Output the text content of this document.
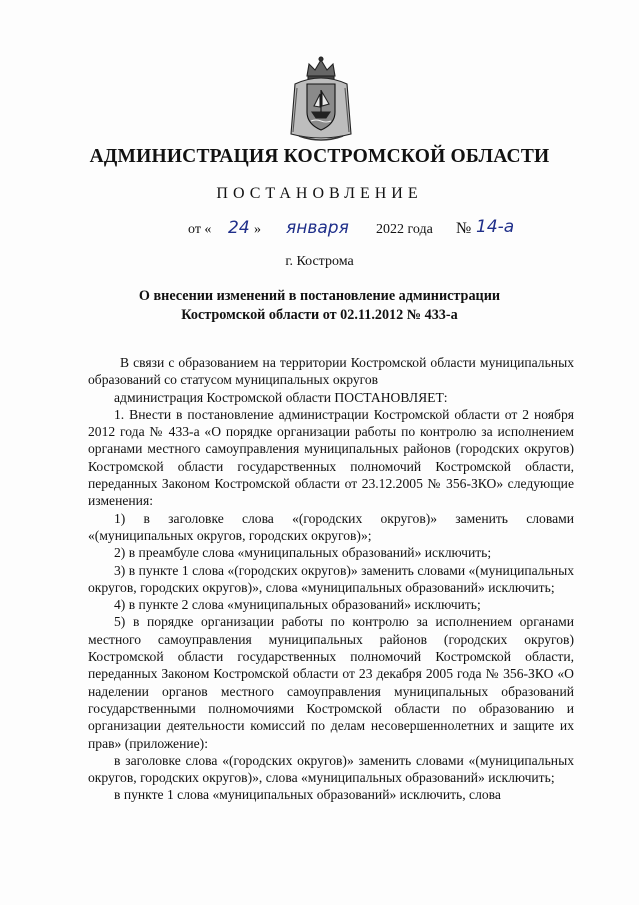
АДМИНИСТРАЦИЯ КОСТРОМСКОЙ ОБЛАСТИ
ПОСТАНОВЛЕНИЕ
от « 24 » января 2022 года № 14-а
г. Кострома
О внесении изменений в постановление администрации
Костромской области от 02.11.2012 № 433-а

В связи с образованием на территории Костромской области муниципальных образований со статусом муниципальных округов

администрация Костромской области ПОСТАНОВЛЯЕТ:

1. Внести в постановление администрации Костромской области от 2 ноября 2012 года № 433-а «О порядке организации работы по контролю за исполнением органами местного самоуправления муниципальных районов (городских округов) Костромской области государственных полномочий Костромской области, переданных Законом Костромской области от 23.12.2005 № 356-ЗКО» следующие изменения:

1) в заголовке слова «(городских округов)» заменить словами «(муниципальных округов, городских округов)»;

2) в преамбуле слова «муниципальных образований» исключить;

3) в пункте 1 слова «(городских округов)» заменить словами «(муниципальных округов, городских округов)», слова «муниципальных образований» исключить;

4) в пункте 2 слова «муниципальных образований» исключить;

5) в порядке организации работы по контролю за исполнением органами местного самоуправления муниципальных районов (городских округов) Костромской области государственных полномочий Костромской области, переданных Законом Костромской области от 23 декабря 2005 года № 356-ЗКО «О наделении органов местного самоуправления муниципальных образований государственными полномочиями Костромской области по образованию и организации деятельности комиссий по делам несовершеннолетних и защите их прав» (приложение):

в заголовке слова «(городских округов)» заменить словами «(муниципальных округов, городских округов)», слова «муниципальных образований» исключить;

в пункте 1 слова «муниципальных образований» исключить, слова
